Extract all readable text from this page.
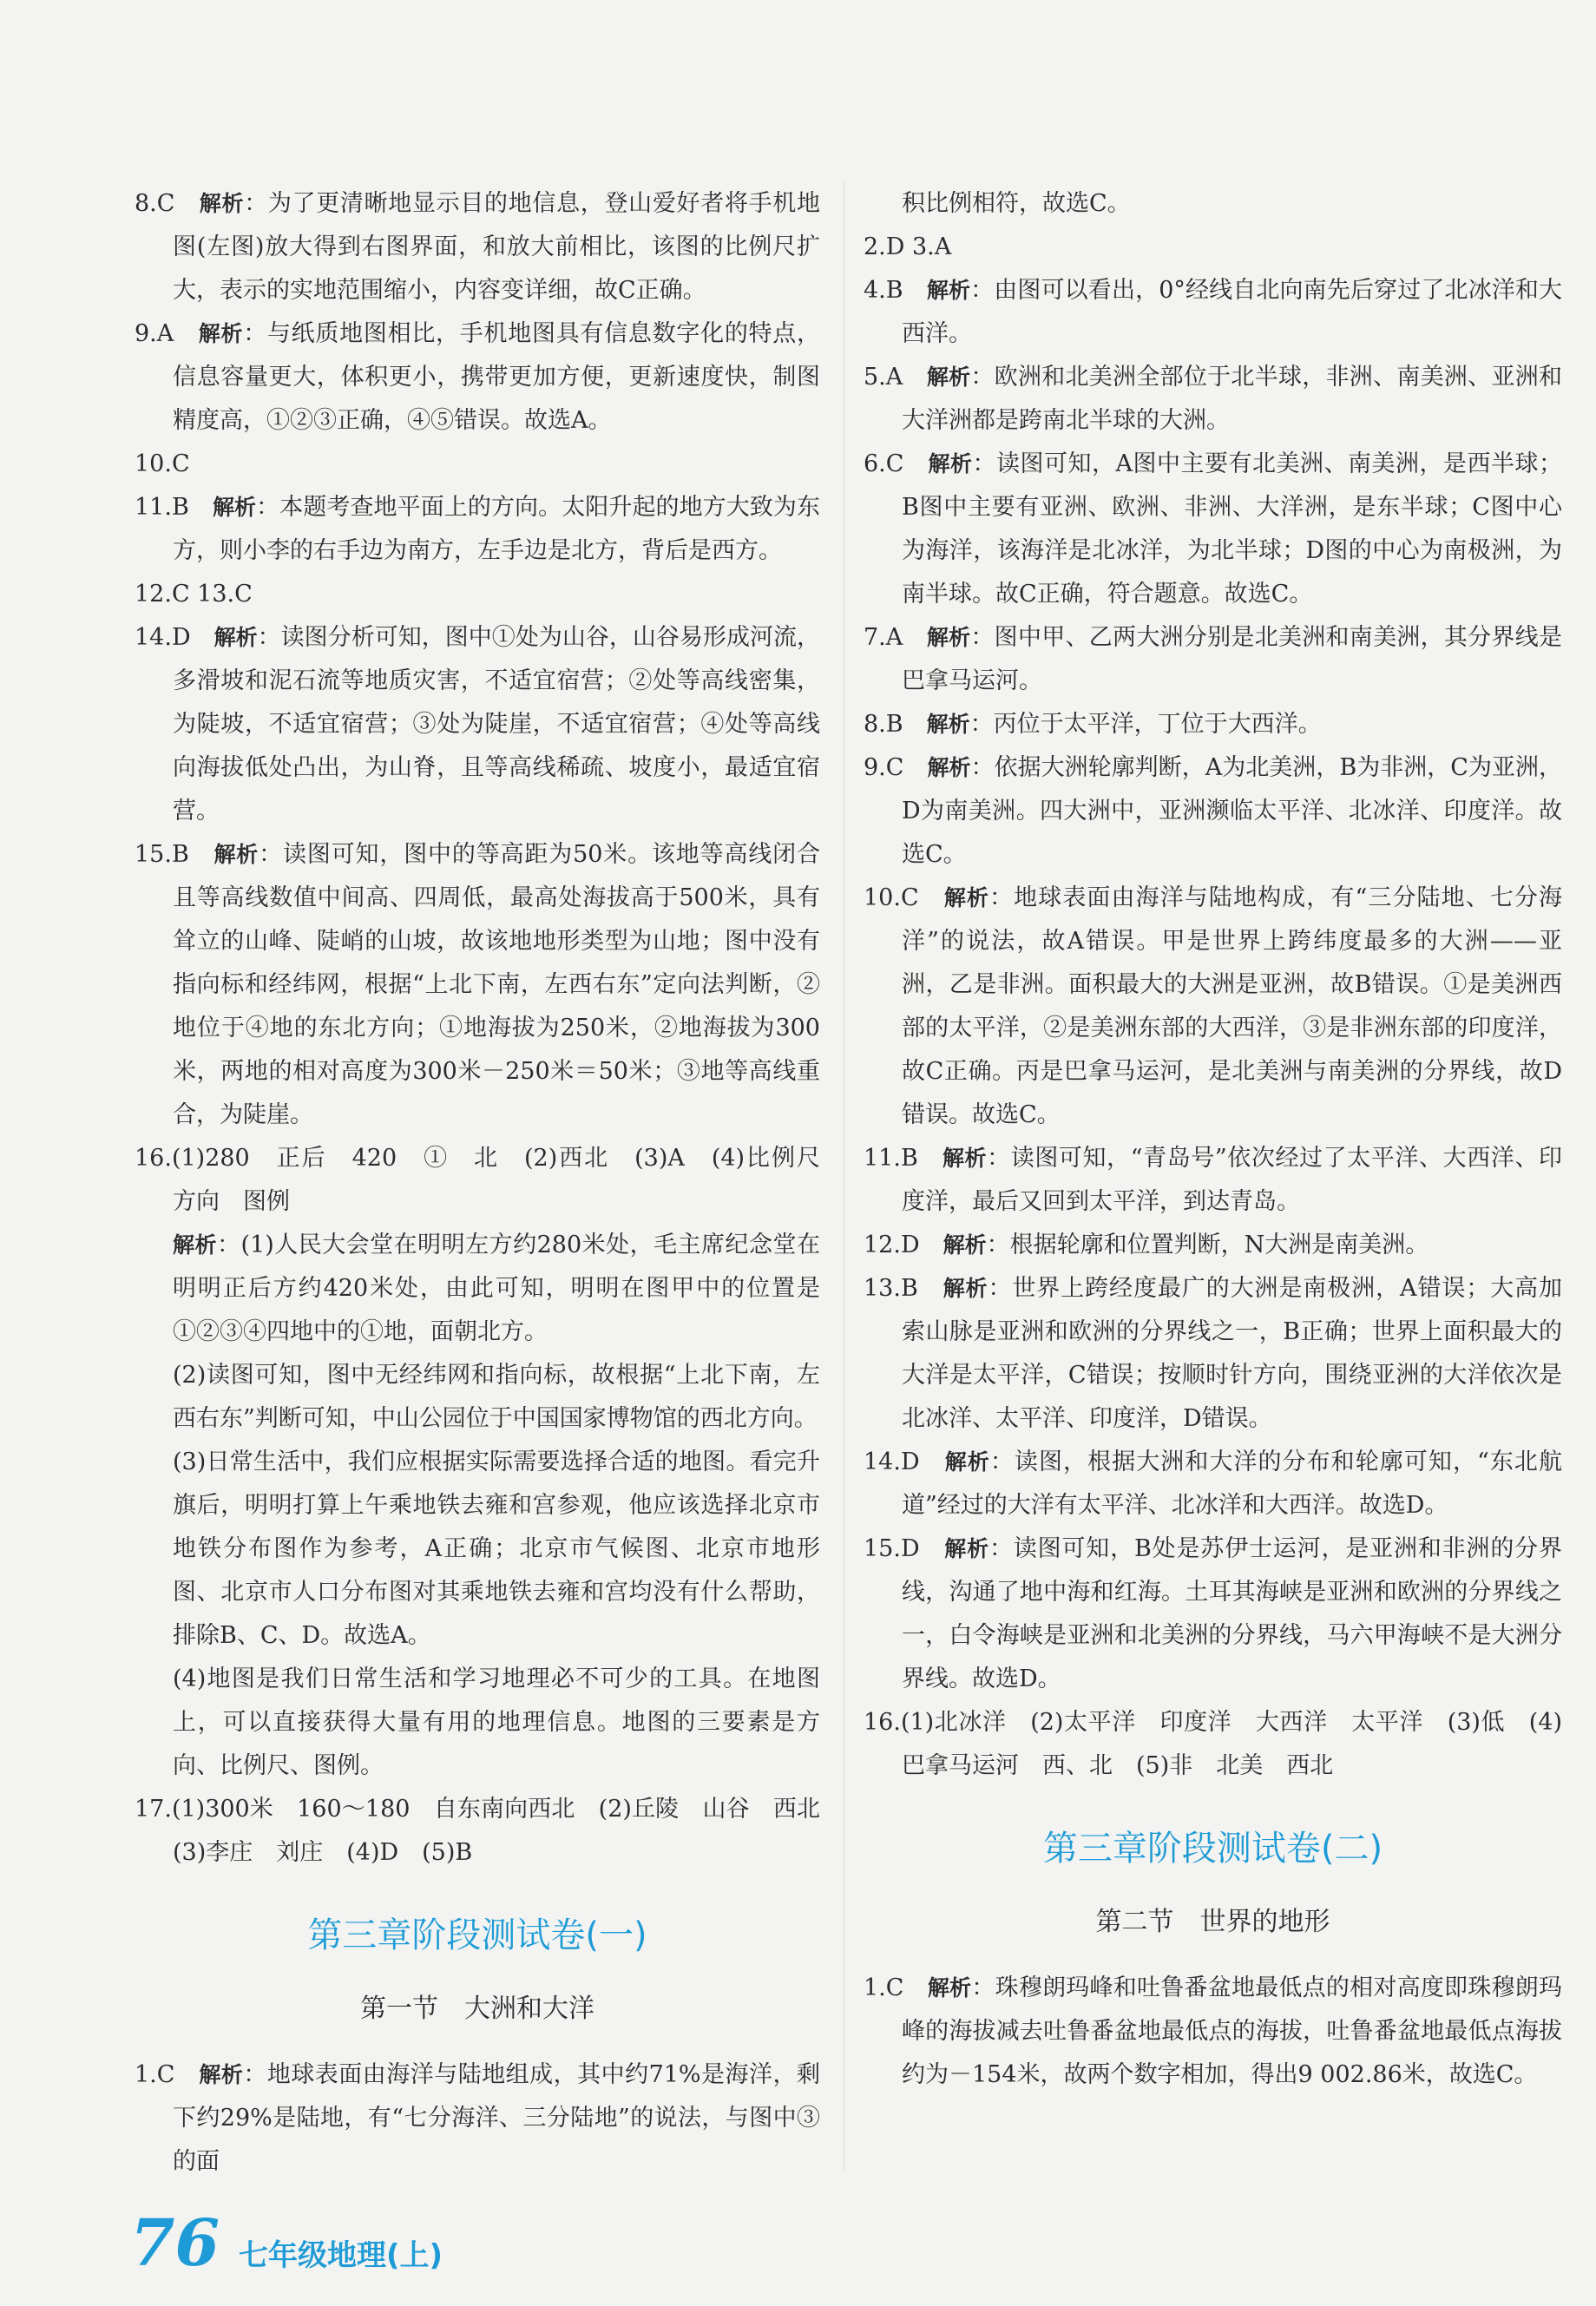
8.C　 解析：为了更清晰地显示目的地信息，登山爱好者将手机地图(左图)放大得到右图界面，和放大前相比，该图的比例尺扩大，表示的实地范围缩小，内容变详细，故C正确。
9.A　 解析：与纸质地图相比，手机地图具有信息数字化的特点，信息容量更大，体积更小，携带更加方便，更新速度快，制图精度高，①②③正确，④⑤错误。故选A。
10.C
11.B　 解析：本题考查地平面上的方向。太阳升起的地方大致为东方，则小李的右手边为南方，左手边是北方，背后是西方。
12.C 13.C
14.D　 解析：读图分析可知，图中①处为山谷，山谷易形成河流，多滑坡和泥石流等地质灾害，不适宜宿营；②处等高线密集，为陡坡，不适宜宿营；③处为陡崖，不适宜宿营；④处等高线向海拔低处凸出，为山脊，且等高线稀疏、坡度小，最适宜宿营。
15.B　 解析：读图可知，图中的等高距为50米。该地等高线闭合且等高线数值中间高、四周低，最高处海拔高于500米，具有耸立的山峰、陡峭的山坡，故该地地形类型为山地；图中没有指向标和经纬网，根据“上北下南，左西右东”定向法判断，②地位于④地的东北方向；①地海拔为250米，②地海拔为300米，两地的相对高度为300米－250米＝50米；③地等高线重合，为陡崖。
16.(1)280　正后　420　①　北　(2)西北　(3)A　(4)比例尺　方向　图例
解析：(1)人民大会堂在明明左方约280米处，毛主席纪念堂在明明正后方约420米处，由此可知，明明在图甲中的位置是①②③④四地中的①地，面朝北方。
(2)读图可知，图中无经纬网和指向标，故根据“上北下南，左西右东”判断可知，中山公园位于中国国家博物馆的西北方向。
(3)日常生活中，我们应根据实际需要选择合适的地图。看完升旗后，明明打算上午乘地铁去雍和宫参观，他应该选择北京市地铁分布图作为参考，A正确；北京市气候图、北京市地形图、北京市人口分布图对其乘地铁去雍和宫均没有什么帮助，排除B、C、D。故选A。
(4)地图是我们日常生活和学习地理必不可少的工具。在地图上，可以直接获得大量有用的地理信息。地图的三要素是方向、比例尺、图例。
17.(1)300米　160～180　自东南向西北　(2)丘陵　山谷　西北　(3)李庄　刘庄　(4)D　(5)B
第三章阶段测试卷(一)
第一节　大洲和大洋
1.C　 解析：地球表面由海洋与陆地组成，其中约71%是海洋，剩下约29%是陆地，有“七分海洋、三分陆地”的说法，与图中③的面
积比例相符，故选C。
2.D 3.A
4.B　 解析：由图可以看出，0°经线自北向南先后穿过了北冰洋和大西洋。
5.A　 解析：欧洲和北美洲全部位于北半球，非洲、南美洲、亚洲和大洋洲都是跨南北半球的大洲。
6.C　 解析：读图可知，A图中主要有北美洲、南美洲，是西半球；B图中主要有亚洲、欧洲、非洲、大洋洲，是东半球；C图中心为海洋，该海洋是北冰洋，为北半球；D图的中心为南极洲，为南半球。故C正确，符合题意。故选C。
7.A　 解析：图中甲、乙两大洲分别是北美洲和南美洲，其分界线是巴拿马运河。
8.B　 解析：丙位于太平洋，丁位于大西洋。
9.C　 解析：依据大洲轮廓判断，A为北美洲，B为非洲，C为亚洲，D为南美洲。四大洲中，亚洲濒临太平洋、北冰洋、印度洋。故选C。
10.C　 解析：地球表面由海洋与陆地构成，有“三分陆地、七分海洋”的说法，故A错误。甲是世界上跨纬度最多的大洲——亚洲，乙是非洲。面积最大的大洲是亚洲，故B错误。①是美洲西部的太平洋，②是美洲东部的大西洋，③是非洲东部的印度洋，故C正确。丙是巴拿马运河，是北美洲与南美洲的分界线，故D错误。故选C。
11.B　 解析：读图可知，“青岛号”依次经过了太平洋、大西洋、印度洋，最后又回到太平洋，到达青岛。
12.D　 解析：根据轮廓和位置判断，N大洲是南美洲。
13.B　 解析：世界上跨经度最广的大洲是南极洲，A错误；大高加索山脉是亚洲和欧洲的分界线之一，B正确；世界上面积最大的大洋是太平洋，C错误；按顺时针方向，围绕亚洲的大洋依次是北冰洋、太平洋、印度洋，D错误。
14.D　 解析：读图，根据大洲和大洋的分布和轮廓可知，“东北航道”经过的大洋有太平洋、北冰洋和大西洋。故选D。
15.D　 解析：读图可知，B处是苏伊士运河，是亚洲和非洲的分界线，沟通了地中海和红海。土耳其海峡是亚洲和欧洲的分界线之一，白令海峡是亚洲和北美洲的分界线，马六甲海峡不是大洲分界线。故选D。
16.(1)北冰洋　(2)太平洋　印度洋　大西洋　太平洋　(3)低　(4)巴拿马运河　西、北　(5)非　北美　西北
第三章阶段测试卷(二)
第二节　世界的地形
1.C　 解析：珠穆朗玛峰和吐鲁番盆地最低点的相对高度即珠穆朗玛峰的海拔减去吐鲁番盆地最低点的海拔，吐鲁番盆地最低点海拔约为－154米，故两个数字相加，得出9 002.86米，故选C。
76 七年级地理(上)
